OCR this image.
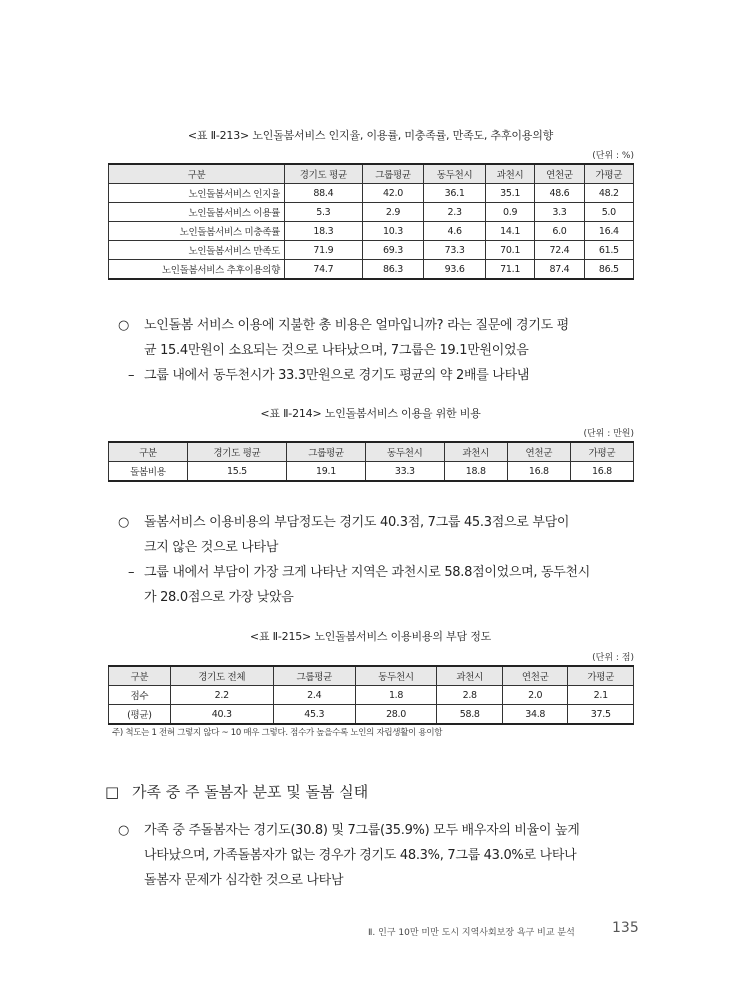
<표 Ⅱ-213> 노인돌봄서비스 인지율, 이용률, 미충족률, 만족도, 추후이용의향
(단위 : %)
구분	경기도 평균	그룹평균	동두천시	과천시	연천군	가평군
노인돌봄서비스 인지율	88.4	42.0	36.1	35.1	48.6	48.2
노인돌봄서비스 이용률	5.3	2.9	2.3	0.9	3.3	5.0
노인돌봄서비스 미충족률	18.3	10.3	4.6	14.1	6.0	16.4
노인돌봄서비스 만족도	71.9	69.3	73.3	70.1	72.4	61.5
노인돌봄서비스 추후이용의향	74.7	86.3	93.6	71.1	87.4	86.5
○ 노인돌봄 서비스 이용에 지불한 총 비용은 얼마입니까? 라는 질문에 경기도 평
균 15.4만원이 소요되는 것으로 나타났으며, 7그룹은 19.1만원이었음
– 그룹 내에서 동두천시가 33.3만원으로 경기도 평균의 약 2배를 나타냄
<표 Ⅱ-214> 노인돌봄서비스 이용을 위한 비용
(단위 : 만원)
구분	경기도 평균	그룹평균	동두천시	과천시	연천군	가평군
돌봄비용	15.5	19.1	33.3	18.8	16.8	16.8
○ 돌봄서비스 이용비용의 부담정도는 경기도 40.3점, 7그룹 45.3점으로 부담이
크지 않은 것으로 나타남
– 그룹 내에서 부담이 가장 크게 나타난 지역은 과천시로 58.8점이었으며, 동두천시
가 28.0점으로 가장 낮았음
<표 Ⅱ-215> 노인돌봄서비스 이용비용의 부담 정도
(단위 : 점)
구분	경기도 전체	그룹평균	동두천시	과천시	연천군	가평군
점수	2.2	2.4	1.8	2.8	2.0	2.1
(평균)	40.3	45.3	28.0	58.8	34.8	37.5
주) 척도는 1 전혀 그렇지 않다 ~ 10 매우 그렇다. 점수가 높을수록 노인의 자립생활이 용이함
□ 가족 중 주 돌봄자 분포 및 돌봄 실태
○ 가족 중 주돌봄자는 경기도(30.8) 및 7그룹(35.9%) 모두 배우자의 비율이 높게
나타났으며, 가족돌봄자가 없는 경우가 경기도 48.3%, 7그룹 43.0%로 나타나
돌봄자 문제가 심각한 것으로 나타남
Ⅱ. 인구 10만 미만 도시 지역사회보장 욕구 비교 분석	135
